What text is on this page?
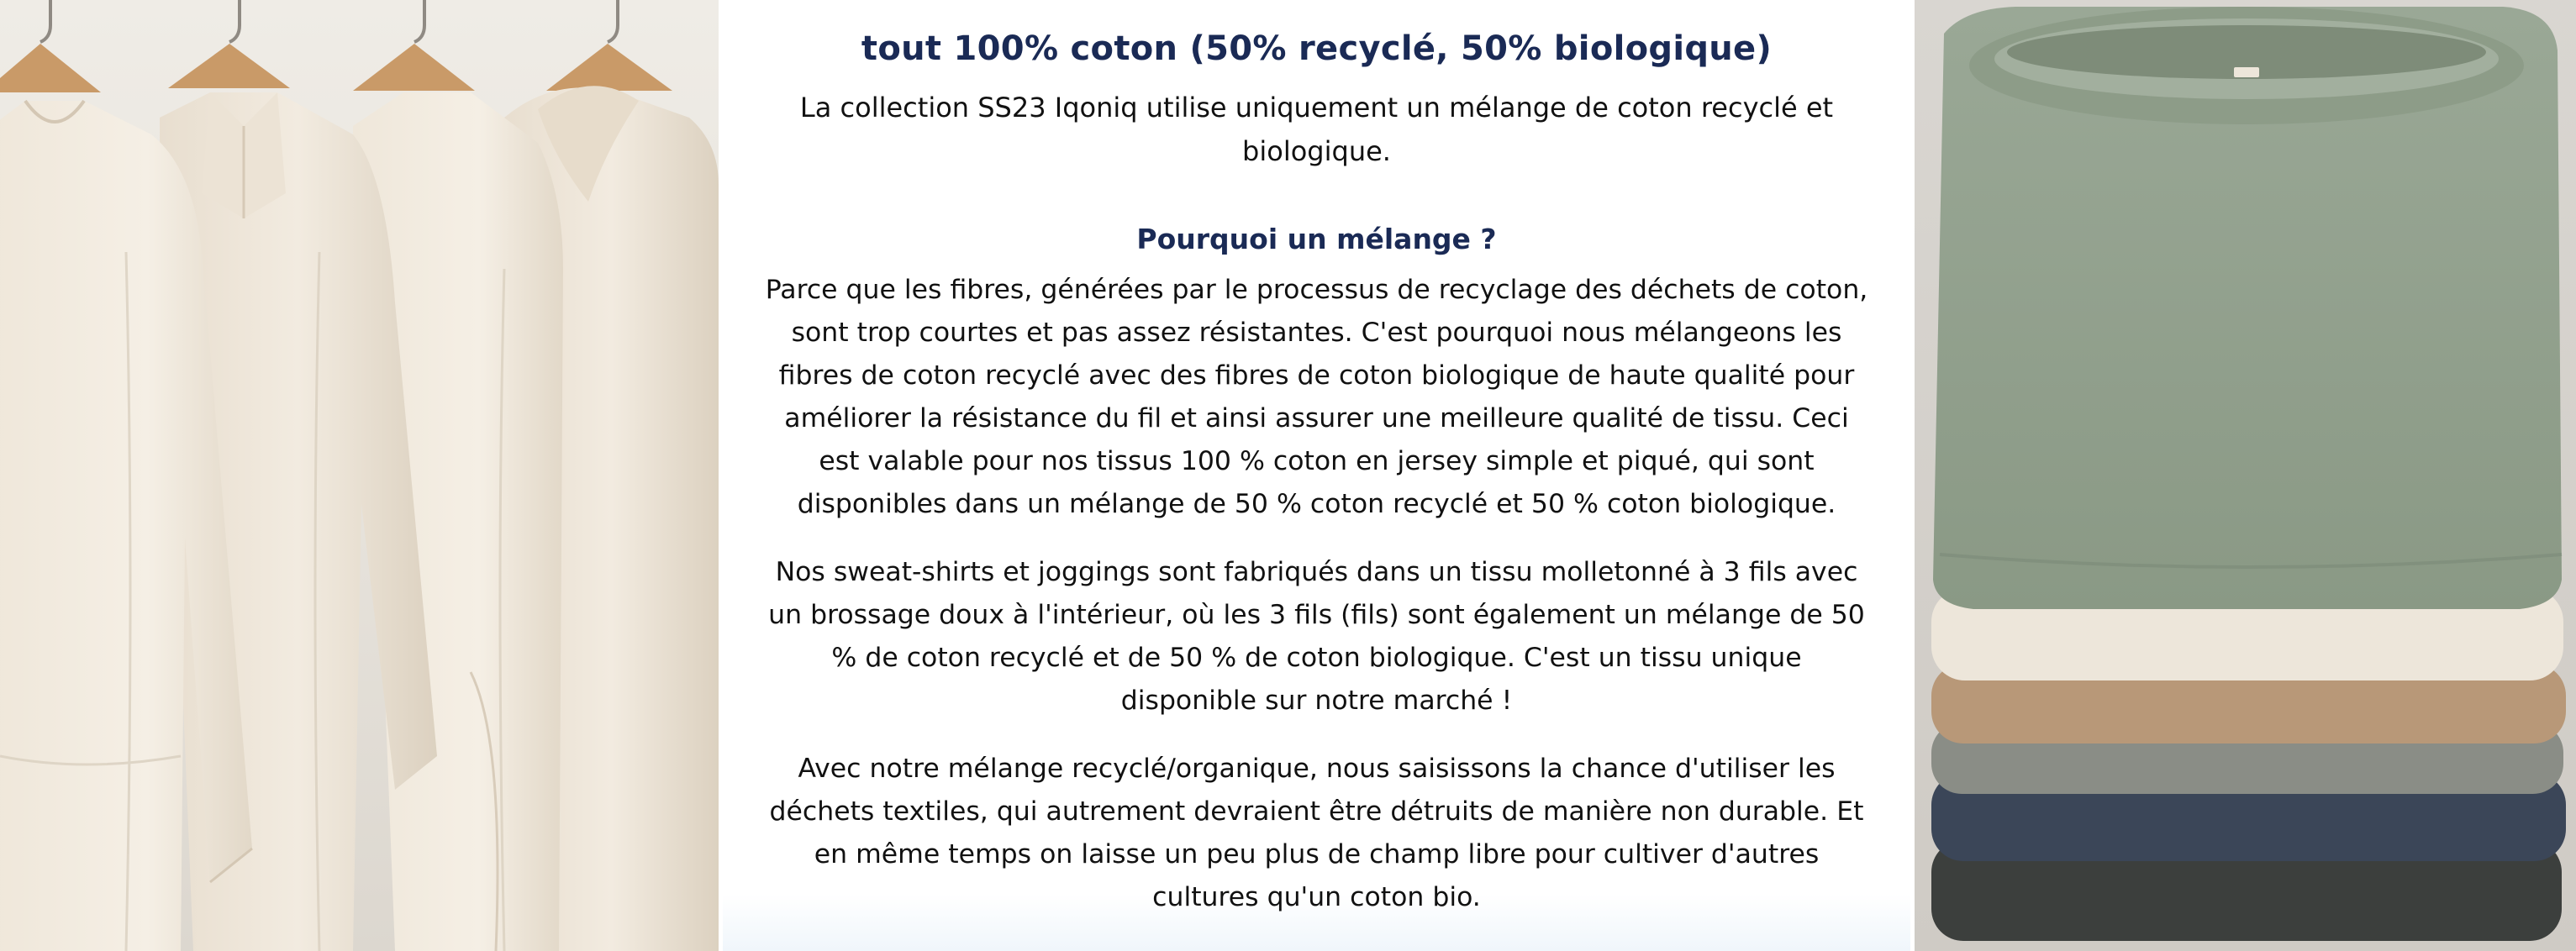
tout 100% coton (50% recyclé, 50% biologique)

La collection SS23 Iqoniq utilise uniquement un mélange de coton recyclé et biologique.

Pourquoi un mélange ?

Parce que les fibres, générées par le processus de recyclage des déchets de coton, sont trop courtes et pas assez résistantes. C'est pourquoi nous mélangeons les fibres de coton recyclé avec des fibres de coton biologique de haute qualité pour améliorer la résistance du fil et ainsi assurer une meilleure qualité de tissu. Ceci est valable pour nos tissus 100 % coton en jersey simple et piqué, qui sont disponibles dans un mélange de 50 % coton recyclé et 50 % coton biologique.

Nos sweat-shirts et joggings sont fabriqués dans un tissu molletonné à 3 fils avec un brossage doux à l'intérieur, où les 3 fils (fils) sont également un mélange de 50 % de coton recyclé et de 50 % de coton biologique. C'est un tissu unique disponible sur notre marché !

Avec notre mélange recyclé/organique, nous saisissons la chance d'utiliser les déchets textiles, qui autrement devraient être détruits de manière non durable. Et en même temps on laisse un peu plus de champ libre pour cultiver d'autres cultures qu'un coton bio.
